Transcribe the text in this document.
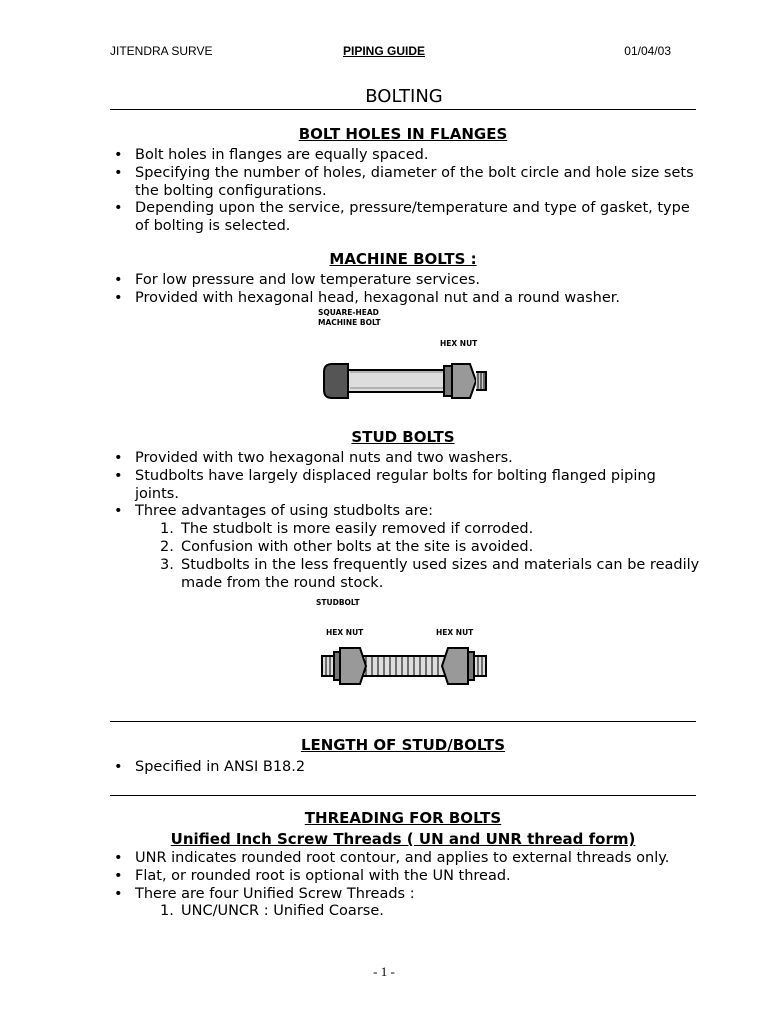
JITENDRA SURVE	PIPING GUIDE	01/04/03
BOLTING
BOLT HOLES IN FLANGES
• Bolt holes in flanges are equally spaced.
• Specifying the number of holes, diameter of the bolt circle and hole size sets the bolting configurations.
• Depending upon the service, pressure/temperature and type of gasket, type of bolting is selected.
MACHINE BOLTS :
• For low pressure and low temperature services.
• Provided with hexagonal head, hexagonal nut and a round washer.
SQUARE-HEAD
MACHINE BOLT
HEX NUT
STUD BOLTS
• Provided with two hexagonal nuts and two washers.
• Studbolts have largely displaced regular bolts for bolting flanged piping joints.
• Three advantages of using studbolts are:
1. The studbolt is more easily removed if corroded.
2. Confusion with other bolts at the site is avoided.
3. Studbolts in the less frequently used sizes and materials can be readily made from the round stock.
STUDBOLT
HEX NUT	HEX NUT
LENGTH OF STUD/BOLTS
• Specified in ANSI B18.2
THREADING FOR BOLTS
Unified Inch Screw Threads ( UN and UNR thread form)
• UNR indicates rounded root contour, and applies to external threads only.
• Flat, or rounded root is optional with the UN thread.
• There are four Unified Screw Threads :
1. UNC/UNCR : Unified Coarse.
- 1 -
